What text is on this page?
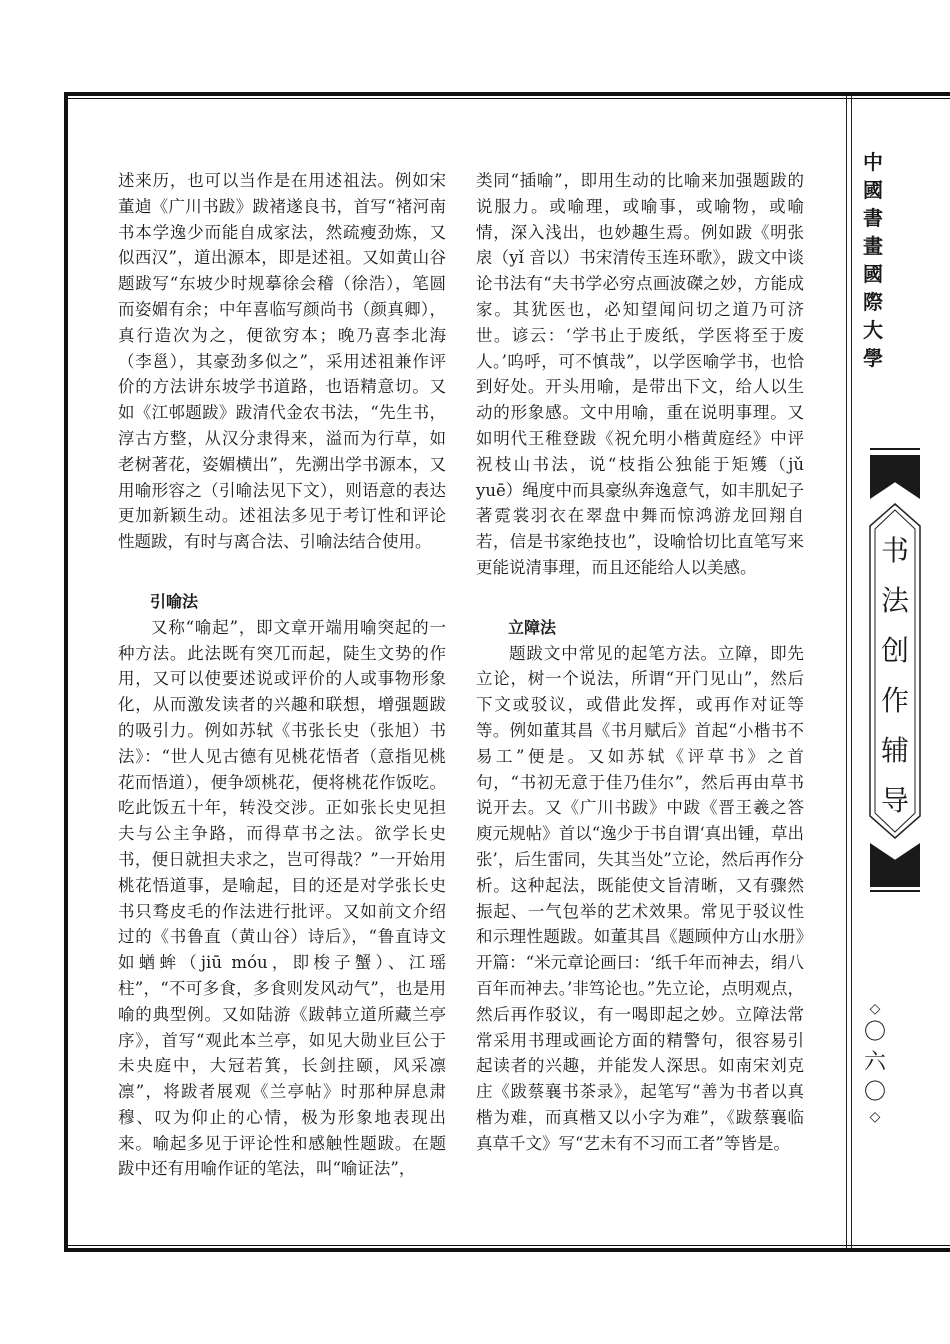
述来历，也可以当作是在用述祖法。例如宋董逌《广川书跋》跋褚遂良书，首写“褚河南书本学逸少而能自成家法，然疏瘦劲炼，又似西汉”，道出源本，即是述祖。又如黄山谷题跋写“东坡少时规摹徐会稽（徐浩），笔圆而姿媚有余；中年喜临写颜尚书（颜真卿），真行造次为之，便欲穷本；晚乃喜李北海（李邕），其豪劲多似之”，采用述祖兼作评价的方法讲东坡学书道路，也语精意切。又如《江邨题跋》跋清代金农书法，“先生书，淳古方整，从汉分隶得来，溢而为行草，如老树著花，姿媚横出”，先溯出学书源本，又用喻形容之（引喻法见下文），则语意的表达更加新颖生动。述祖法多见于考订性和评论性题跋，有时与离合法、引喻法结合使用。

引喻法

又称“喻起”，即文章开端用喻突起的一种方法。此法既有突兀而起，陡生文势的作用，又可以使要述说或评价的人或事物形象化，从而激发读者的兴趣和联想，增强题跋的吸引力。例如苏轼《书张长史（张旭）书法》：“世人见古德有见桃花悟者（意指见桃花而悟道），便争颂桃花，便将桃花作饭吃。吃此饭五十年，转没交涉。正如张长史见担夫与公主争路，而得草书之法。欲学长史书，便日就担夫求之，岂可得哉？”一开始用桃花悟道事，是喻起，目的还是对学张长史书只骛皮毛的作法进行批评。又如前文介绍过的《书鲁直（黄山谷）诗后》，“鲁直诗文如蝤蛑（jiū móu，即梭子蟹）、江瑶柱”，“不可多食，多食则发风动气”，也是用喻的典型例。又如陆游《跋韩立道所藏兰亭序》，首写“观此本兰亭，如见大勋业巨公于未央庭中，大冠若箕，长剑拄颐，风采凛凛”，将跋者展观《兰亭帖》时那种屏息肃穆、叹为仰止的心情，极为形象地表现出来。喻起多见于评论性和感触性题跋。在题跋中还有用喻作证的笔法，叫“喻证法”，

类同“插喻”，即用生动的比喻来加强题跋的说服力。或喻理，或喻事，或喻物，或喻情，深入浅出，也妙趣生焉。例如跋《明张扆（yǐ 音以）书宋清传玉连环歌》，跋文中谈论书法有“夫书学必穷点画波磔之妙，方能成家。其犹医也，必知望闻问切之道乃可济世。谚云：‘学书止于废纸，学医将至于废人。’呜呼，可不慎哉”，以学医喻学书，也恰到好处。开头用喻，是带出下文，给人以生动的形象感。文中用喻，重在说明事理。又如明代王稚登跋《祝允明小楷黄庭经》中评祝枝山书法，说“枝指公独能于矩矱（jǔ yuē）绳度中而具豪纵奔逸意气，如丰肌妃子著霓裳羽衣在翠盘中舞而惊鸿游龙回翔自若，信是书家绝技也”，设喻恰切比直笔写来更能说清事理，而且还能给人以美感。

立障法

题跋文中常见的起笔方法。立障，即先立论，树一个说法，所谓“开门见山”，然后下文或驳议，或借此发挥，或再作对证等等。例如董其昌《书月赋后》首起“小楷书不易工”便是。又如苏轼《评草书》之首句，“书初无意于佳乃佳尔”，然后再由草书说开去。又《广川书跋》中跋《晋王羲之答庾元规帖》首以“逸少于书自谓‘真出锺，草出张’，后生雷同，失其当处”立论，然后再作分析。这种起法，既能使文旨清晰，又有骤然振起、一气包举的艺术效果。常见于驳议性和示理性题跋。如董其昌《题顾仲方山水册》开篇：“米元章论画曰：‘纸千年而神去，绢八百年而神去。’非笃论也。”先立论，点明观点，然后再作驳议，有一喝即起之妙。立障法常常采用书理或画论方面的精警句，很容易引起读者的兴趣，并能发人深思。如南宋刘克庄《跋蔡襄书茶录》，起笔写“善为书者以真楷为难，而真楷又以小字为难”，《跋蔡襄临真草千文》写“艺未有不习而工者”等皆是。

中
國
書
畫
國
際
大
學
书
法
创
作
辅
导
◇
〇
六
〇
◇
